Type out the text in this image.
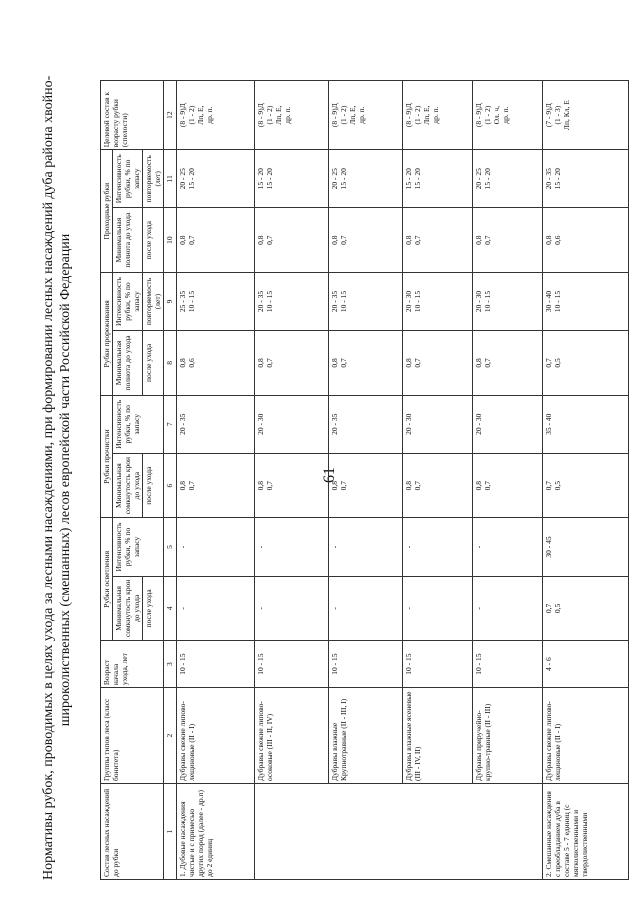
61
Нормативы рубок, проводимых в целях ухода за лесными насаждениями, при формировании лесных насаждений дуба района хвойно- широколиственных (смешанных) лесов европейской части Российской Федерации
Состав лесных насаждений до рубки	Группы типов леса (класс бонитета)	Возраст начала ухода, лет	Рубки осветления		Рубки прочистки		Рубки прореживания		Проходные рубки		Целевой состав к возрасту рубки (спелости)
			Минимальная сомкнутость крон до ухода	Интенсивность рубки, % по запасу	Минимальная сомкнутость крон до ухода	Интенсивность рубки, % по запасу	Минимальная полнота до ухода	Интенсивность рубки, % по запасу	Минимальная полнота до ухода	Интенсивность рубки, % по запасу	
			после ухода		после ухода		после ухода	повторяемость (лет)	после ухода	повторяемость (лет)	
1	2	3	4	5	6	7	8	9	10	11	12
1. Дубовые насаждения чистые и с примесью других пород (далее - др.п) до 2 единиц	Дубравы свежие липово-лещиновые (II - I)	10 - 15	-	-	0,8 0,7	20 - 35	0,8 0,6	25 - 35 10 - 15	0,8 0,7	20 - 25 15 - 20	(8 - 9)Д (1 - 2) Лп, Е, др. п.

	Дубравы свежие липово-осоковые (III - II, IV)	10 - 15	-	-	0,8 0,7	20 - 30	0,8 0,7	20 - 35 10 - 15	0,8 0,7	15 - 20 15 - 20	(8 - 9)Д (1 - 2) Лп, Е, др. п.

	Дубравы влажные Крупнотравные (II - III, I)	10 - 15	-	-	0,8 0,7	20 - 35	0,8 0,7	20 - 35 10 - 15	0,8 0,7	20 - 25 15 - 20	(8 - 9)Д (1 - 2) Лп, Е, др. п.

	Дубравы влажные ясеневые (III - IV, II)	10 - 15	-	-	0,8 0,7	20 - 30	0,8 0,7	20 - 30 10 - 15	0,8 0,7	15 - 20 15 - 20	(8 - 9)Д (1 - 2) Лп, Е, др. п.

	Дубравы приручейно-крупно-травные (II - III)	10 - 15	-	-	0,8 0,7	20 - 30	0,8 0,7	20 - 30 10 - 15	0,8 0,7	20 - 25 15 - 20	(8 - 9)Д (1 - 2) Ол. ч, др. п.

2. Смешанные насаждения с преобладанием дуба в составе 5 - 7 единиц (с мягколиственными и твердолиственными	Дубравы свежие липово-лещиновые (II - I)	4 - 6	0,7 0,5	30 - 45	0,7 0,5	35 - 40	0,7 0,5	30 - 40 10 - 15	0,8 0,6	20 - 35 15 - 20	(7 - 9)Д (1 - 3) Лп, Кл, Е
